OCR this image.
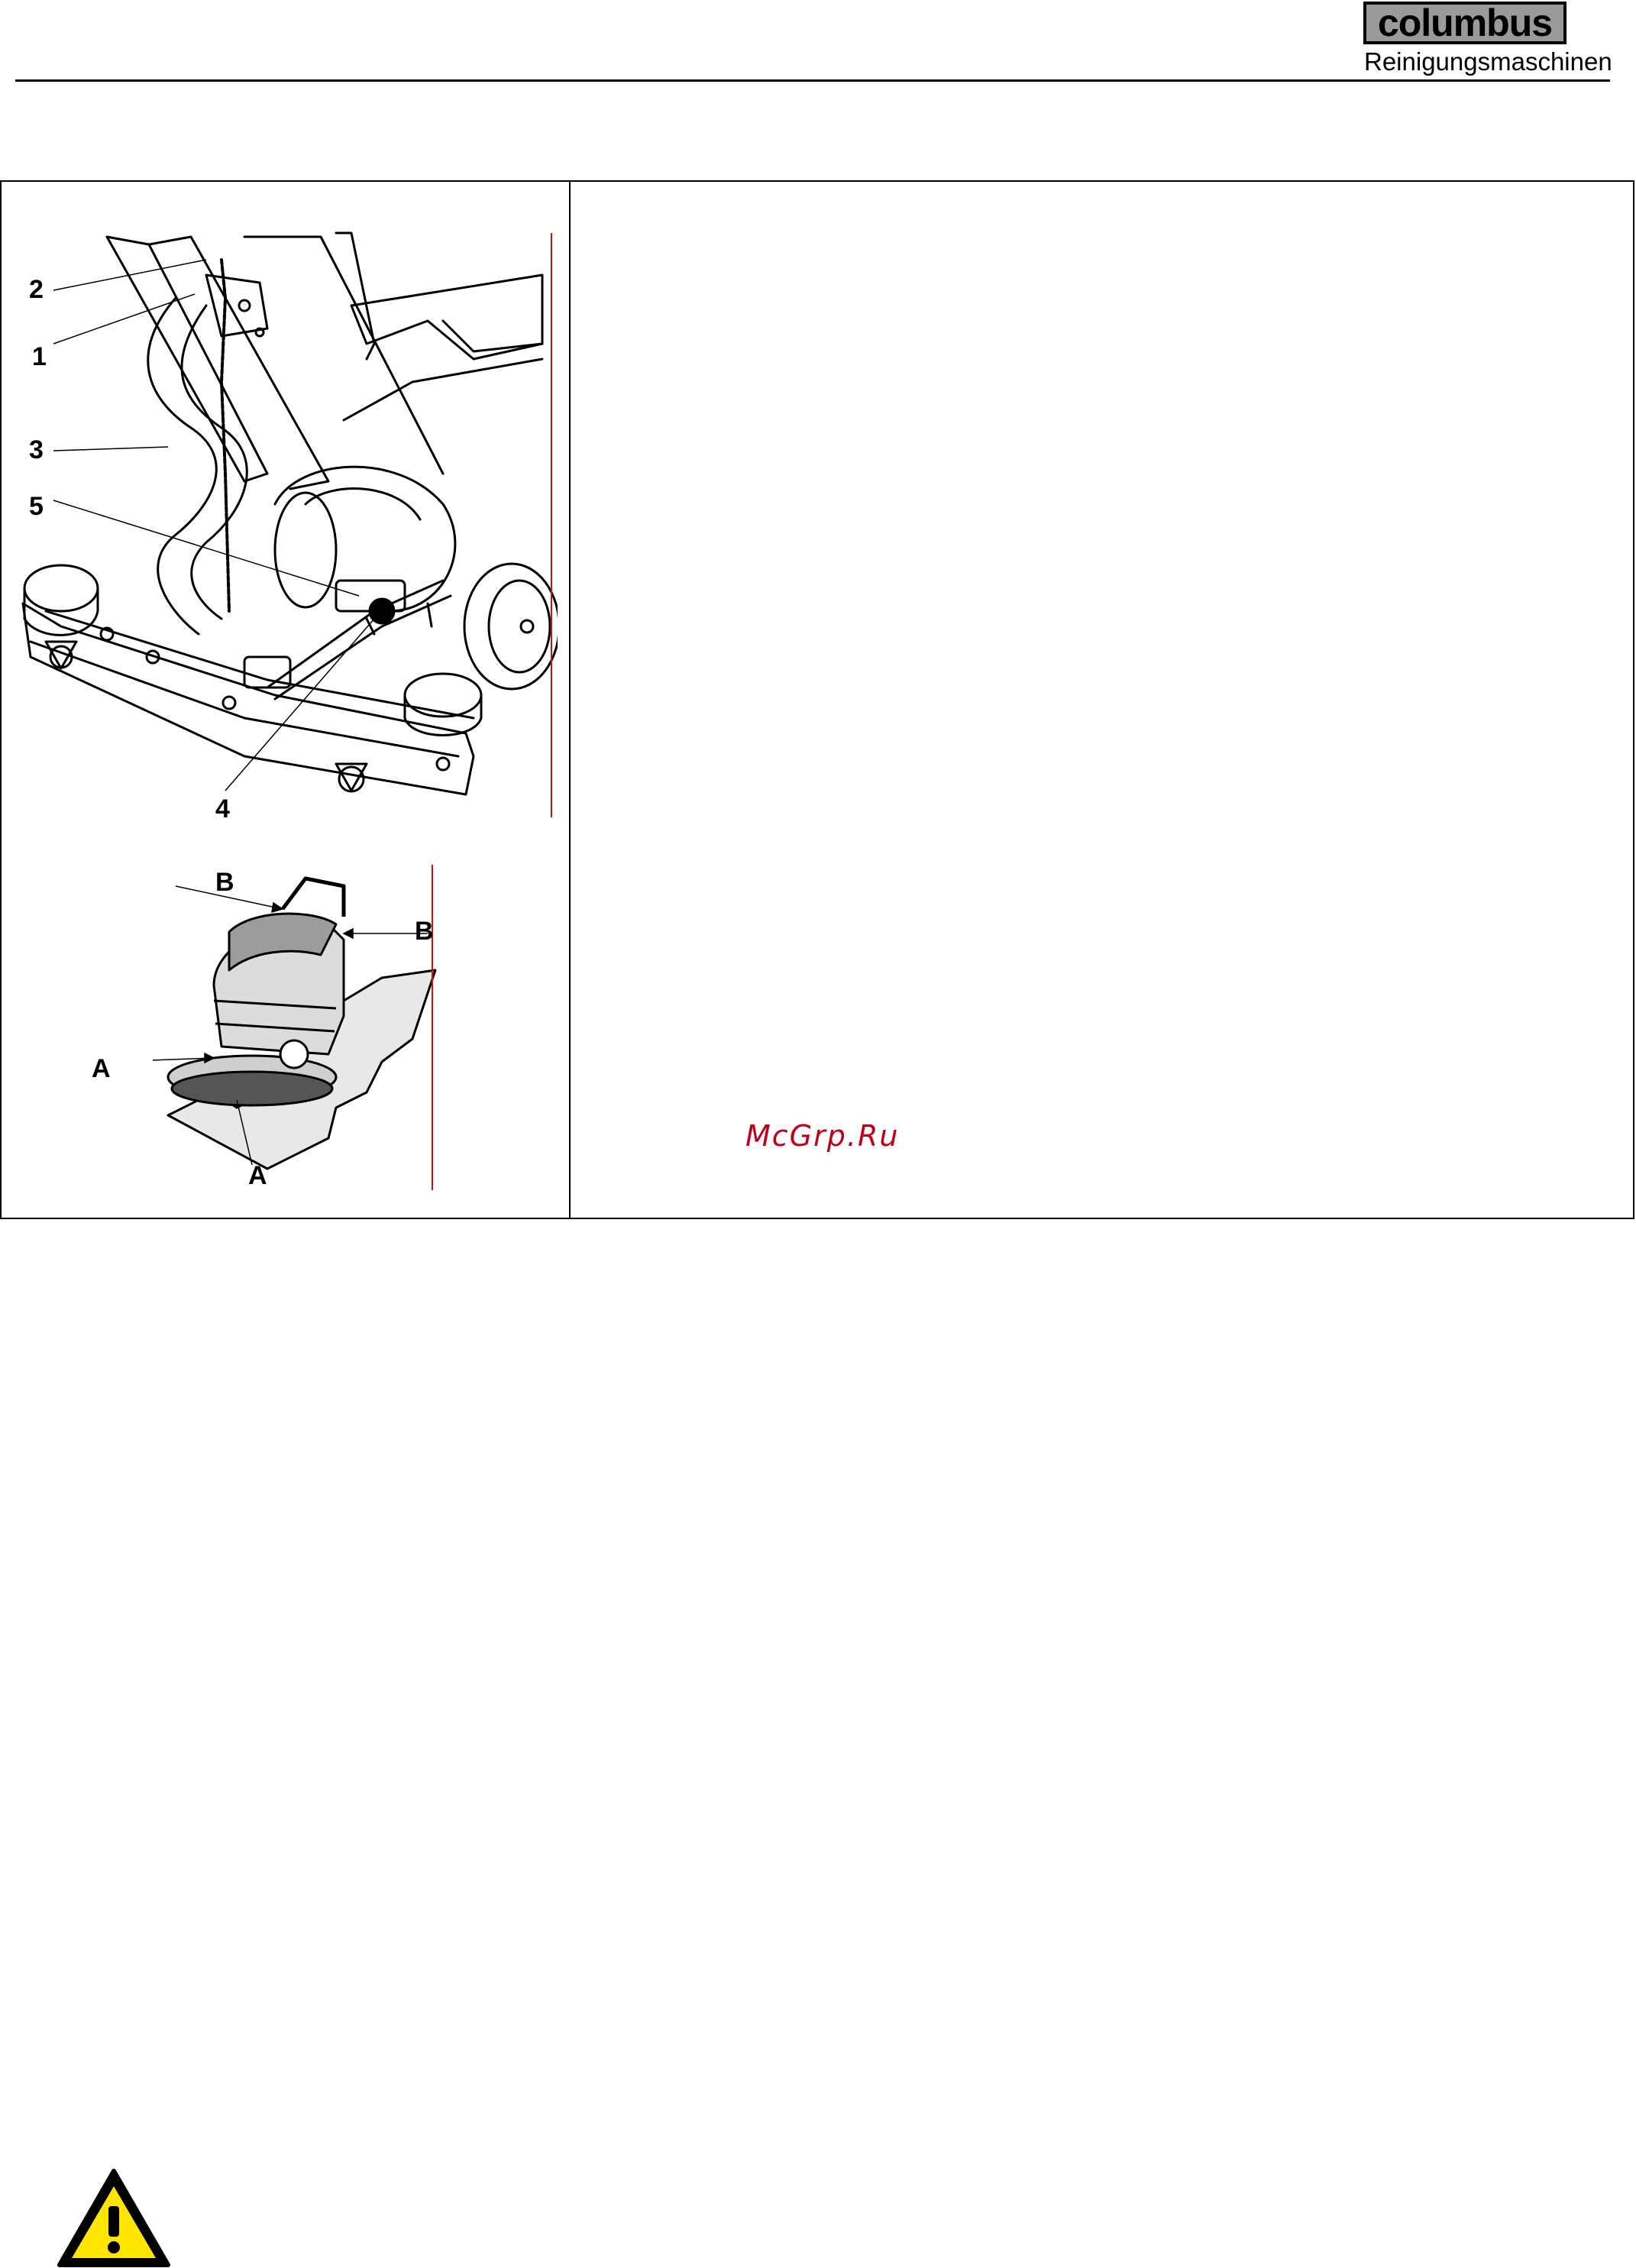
columbus
Reinigungsmaschinen
2
1
3
5
4
B
B
A
A
McGrp.Ru
